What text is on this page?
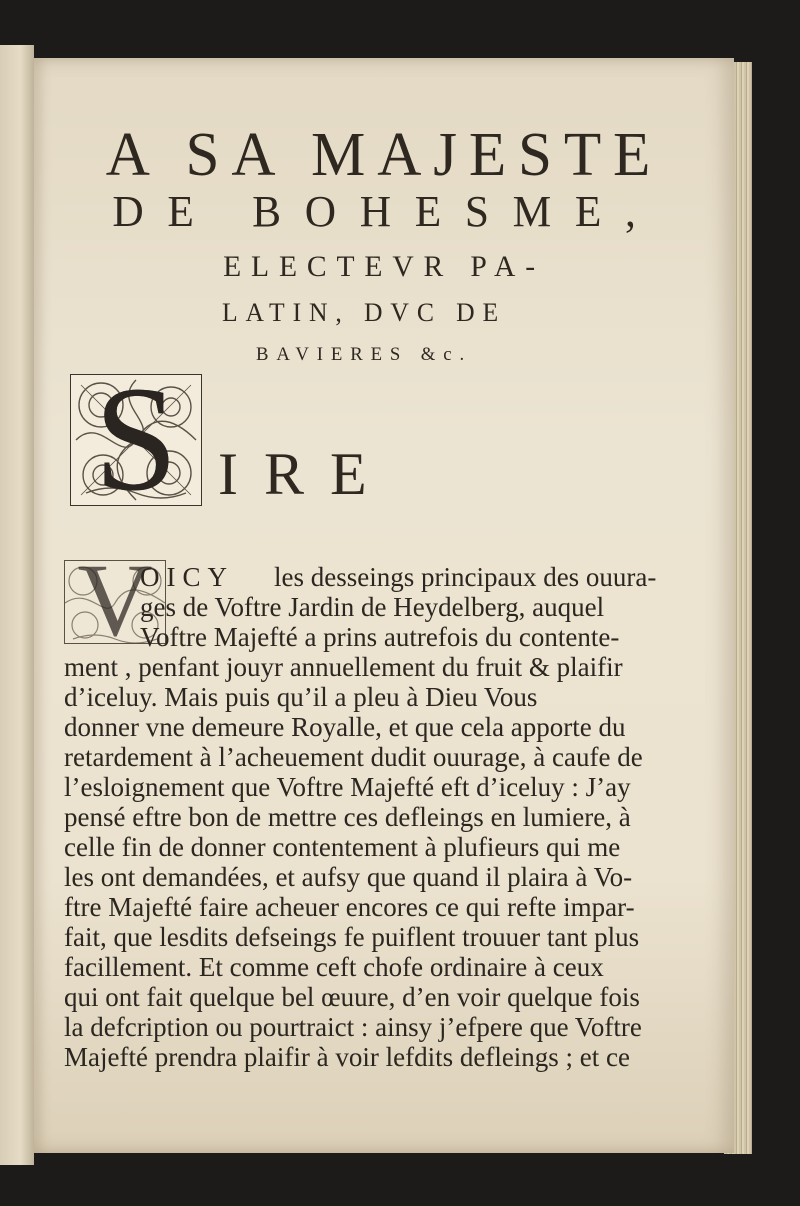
A SA MAJESTE
DE BOHESME,
ELECTEVR PA-
LATIN, DVC DE
BAVIERES &c.
S IRE
V
OICY les desseings principaux des ouura-
ges de Voftre Jardin de Heydelberg, auquel
Voftre Majefté a prins autrefois du contente-
ment , penfant jouyr annuellement du fruit & plaifir
d’iceluy. Mais puis qu’il a pleu à Dieu Vous
donner vne demeure Royalle, et que cela apporte du
retardement à l’acheuement dudit ouurage, à caufe de
l’esloignement que Voftre Majefté eft d’iceluy : J’ay
pensé eftre bon de mettre ces defleings en lumiere, à
celle fin de donner contentement à plufieurs qui me
les ont demandées, et aufsy que quand il plaira à Vo-
ftre Majefté faire acheuer encores ce qui refte impar-
fait, que lesdits defseings fe puiflent trouuer tant plus
facillement. Et comme ceft chofe ordinaire à ceux
qui ont fait quelque bel œuure, d’en voir quelque fois
la defcription ou pourtraict : ainsy j’efpere que Voftre
Majefté prendra plaifir à voir lefdits defleings ; et ce
